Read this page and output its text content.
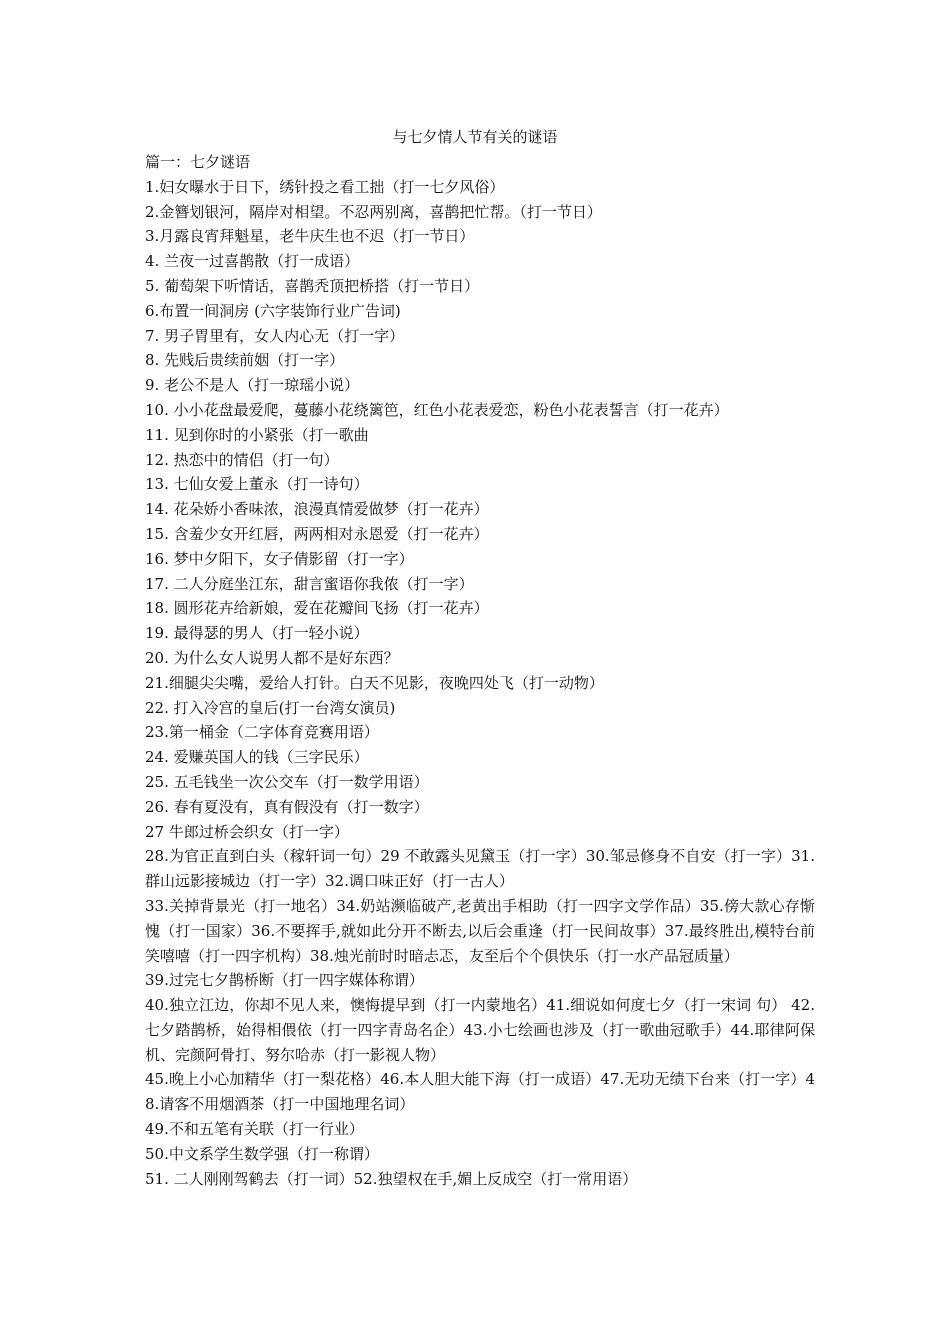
与七夕情人节有关的谜语
篇一：七夕谜语
1.妇女曝水于日下，绣针投之看工拙（打一七夕风俗）
2.金簪划银河，隔岸对相望。不忍两别离，喜鹊把忙帮。（打一节日）
3.月露良宵拜魁星，老牛庆生也不迟（打一节日）
4. 兰夜一过喜鹊散（打一成语）
5. 葡萄架下听情话，喜鹊秃顶把桥搭（打一节日）
6.布置一间洞房 (六字装饰行业广告词)
7. 男子胃里有，女人内心无（打一字）
8. 先贱后贵续前姻（打一字）
9. 老公不是人（打一琼瑶小说）
10. 小小花盘最爱爬，蔓藤小花绕篱笆，红色小花表爱恋，粉色小花表誓言（打一花卉）
11. 见到你时的小紧张（打一歌曲
12. 热恋中的情侣（打一句）
13. 七仙女爱上董永（打一诗句）
14. 花朵娇小香味浓，浪漫真情爱做梦（打一花卉）
15. 含羞少女开红唇，两两相对永恩爱（打一花卉）
16. 梦中夕阳下，女子倩影留（打一字）
17. 二人分庭坐江东，甜言蜜语你我侬（打一字）
18. 圆形花卉给新娘，爱在花瓣间飞扬（打一花卉）
19. 最得瑟的男人（打一轻小说）
20. 为什么女人说男人都不是好东西？
21.细腿尖尖嘴，爱给人打针。白天不见影，夜晚四处飞（打一动物）
22. 打入冷宫的皇后(打一台湾女演员)
23.第一桶金（二字体育竞赛用语）
24. 爱赚英国人的钱（三字民乐）
25. 五毛钱坐一次公交车（打一数学用语）
26. 春有夏没有，真有假没有（打一数字）
27 牛郎过桥会织女（打一字）
28.为官正直到白头（稼轩词一句）29 不敢露头见黛玉（打一字）30.邹忌修身不自安（打一字）31.群山远影接城边（打一字）32.调口味正好（打一古人）
33.关掉背景光（打一地名）34.奶站濒临破产,老黄出手相助（打一四字文学作品）35.傍大款心存惭愧（打一国家）36.不要挥手,就如此分开不断去,以后会重逢（打一民间故事）37.最终胜出,模特台前笑嘻嘻（打一四字机构）38.烛光前时时暗忐忑，友至后个个俱快乐（打一水产品冠质量）
39.过完七夕鹊桥断（打一四字媒体称谓）
40.独立江边，你却不见人来，懊悔提早到（打一内蒙地名）41.细说如何度七夕（打一宋词 句） 42.七夕踏鹊桥，始得相偎依（打一四字青岛名企）43.小七绘画也涉及（打一歌曲冠歌手）44.耶律阿保机、完颜阿骨打、努尔哈赤（打一影视人物）
45.晚上小心加精华（打一梨花格）46.本人胆大能下海（打一成语）47.无功无绩下台来（打一字）48.请客不用烟酒茶（打一中国地理名词）
49.不和五笔有关联（打一行业）
50.中文系学生数学强（打一称谓）
51. 二人刚刚驾鹤去（打一词）52.独望权在手,媚上反成空（打一常用语）
